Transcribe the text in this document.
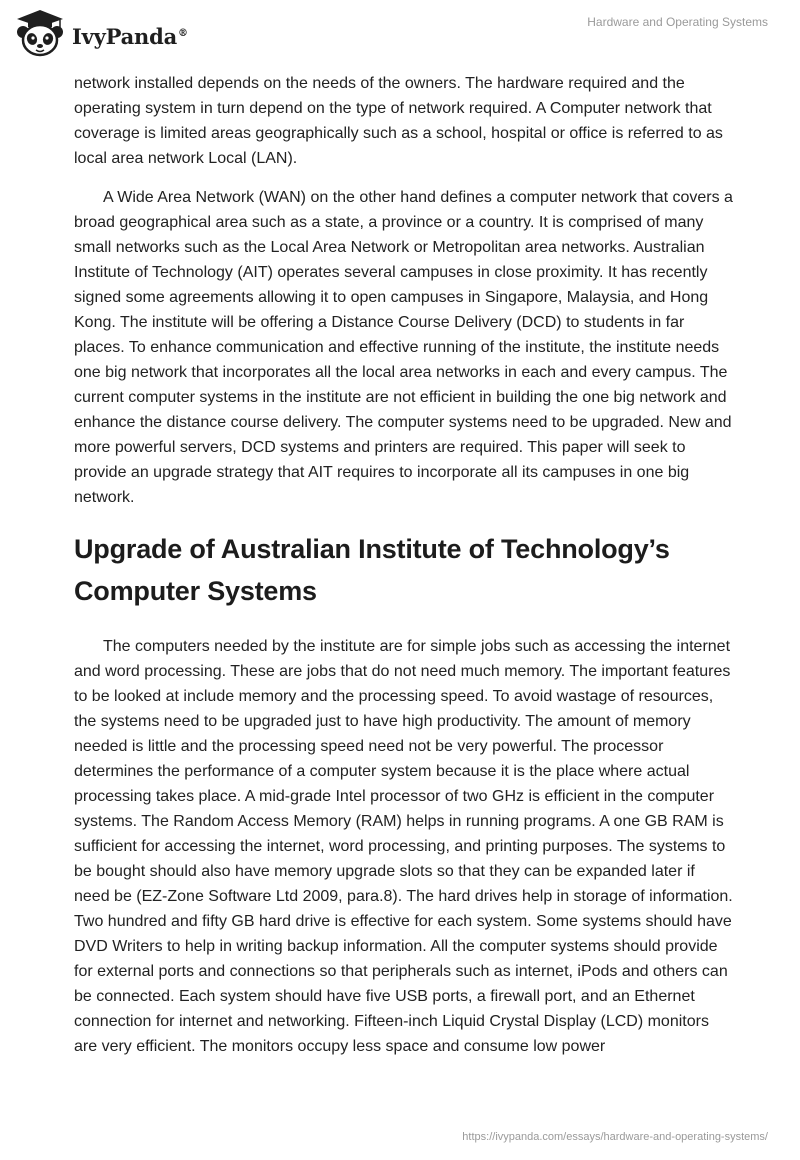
IvyPanda®
Hardware and Operating Systems

network installed depends on the needs of the owners. The hardware required and the operating system in turn depend on the type of network required. A Computer network that coverage is limited areas geographically such as a school, hospital or office is referred to as local area network Local (LAN).

A Wide Area Network (WAN) on the other hand defines a computer network that covers a broad geographical area such as a state, a province or a country. It is comprised of many small networks such as the Local Area Network or Metropolitan area networks. Australian Institute of Technology (AIT) operates several campuses in close proximity. It has recently signed some agreements allowing it to open campuses in Singapore, Malaysia, and Hong Kong. The institute will be offering a Distance Course Delivery (DCD) to students in far places. To enhance communication and effective running of the institute, the institute needs one big network that incorporates all the local area networks in each and every campus. The current computer systems in the institute are not efficient in building the one big network and enhance the distance course delivery. The computer systems need to be upgraded. New and more powerful servers, DCD systems and printers are required. This paper will seek to provide an upgrade strategy that AIT requires to incorporate all its campuses in one big network.

Upgrade of Australian Institute of Technology’s Computer Systems

The computers needed by the institute are for simple jobs such as accessing the internet and word processing. These are jobs that do not need much memory. The important features to be looked at include memory and the processing speed. To avoid wastage of resources, the systems need to be upgraded just to have high productivity. The amount of memory needed is little and the processing speed need not be very powerful. The processor determines the performance of a computer system because it is the place where actual processing takes place. A mid-grade Intel processor of two GHz is efficient in the computer systems. The Random Access Memory (RAM) helps in running programs. A one GB RAM is sufficient for accessing the internet, word processing, and printing purposes. The systems to be bought should also have memory upgrade slots so that they can be expanded later if need be (EZ-Zone Software Ltd 2009, para.8). The hard drives help in storage of information. Two hundred and fifty GB hard drive is effective for each system. Some systems should have DVD Writers to help in writing backup information. All the computer systems should provide for external ports and connections so that peripherals such as internet, iPods and others can be connected. Each system should have five USB ports, a firewall port, and an Ethernet connection for internet and networking. Fifteen-inch Liquid Crystal Display (LCD) monitors are very efficient. The monitors occupy less space and consume low power

https://ivypanda.com/essays/hardware-and-operating-systems/
